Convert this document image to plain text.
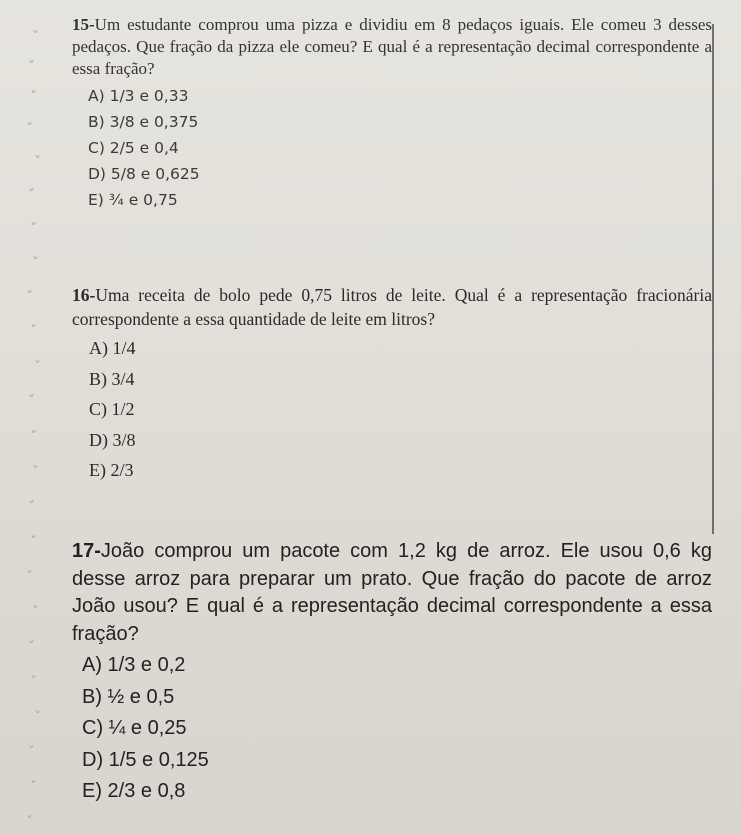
ˇ
ˇ
ˇ
ˇ
ˇ
ˇ
ˇ
ˇ
ˇ
ˇ
ˇ
ˇ
ˇ
ˇ
ˇ
ˇ
ˇ
ˇ
ˇ
ˇ
ˇ
ˇ
ˇ
ˇ

15-Um estudante comprou uma pizza e dividiu em 8 pedaços iguais. Ele comeu 3 desses pedaços. Que fração da pizza ele comeu? E qual é a representação decimal correspondente a essa fração?

A) 1/3 e 0,33
B) 3/8 e 0,375
C) 2/5 e 0,4
D) 5/8 e 0,625
E) ¾ e 0,75

16-Uma receita de bolo pede 0,75 litros de leite. Qual é a representação fracionária correspondente a essa quantidade de leite em litros?

A) 1/4
B) 3/4
C) 1/2
D) 3/8
E) 2/3

17-João comprou um pacote com 1,2 kg de arroz. Ele usou 0,6 kg desse arroz para preparar um prato. Que fração do pacote de arroz João usou? E qual é a representação decimal correspondente a essa fração?

A) 1/3 e 0,2
B) ½ e 0,5
C) ¼ e 0,25
D) 1/5 e 0,125
E) 2/3 e 0,8
